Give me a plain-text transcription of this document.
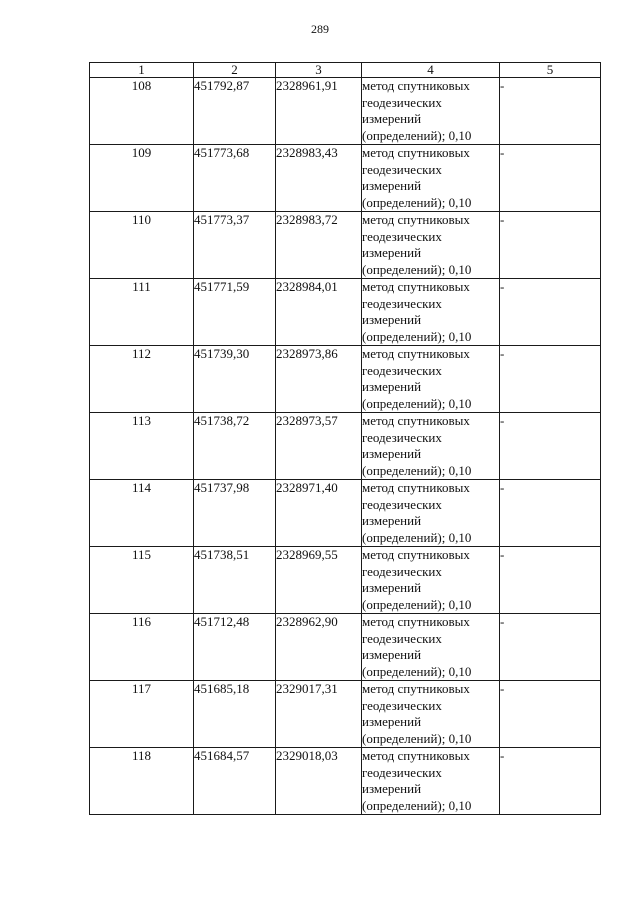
289
1	2	3	4	5
108	451792,87	2328961,91	метод спутниковых
геодезических
измерений
(определений); 0,10	-
109	451773,68	2328983,43	метод спутниковых
геодезических
измерений
(определений); 0,10	-
110	451773,37	2328983,72	метод спутниковых
геодезических
измерений
(определений); 0,10	-
111	451771,59	2328984,01	метод спутниковых
геодезических
измерений
(определений); 0,10	-
112	451739,30	2328973,86	метод спутниковых
геодезических
измерений
(определений); 0,10	-
113	451738,72	2328973,57	метод спутниковых
геодезических
измерений
(определений); 0,10	-
114	451737,98	2328971,40	метод спутниковых
геодезических
измерений
(определений); 0,10	-
115	451738,51	2328969,55	метод спутниковых
геодезических
измерений
(определений); 0,10	-
116	451712,48	2328962,90	метод спутниковых
геодезических
измерений
(определений); 0,10	-
117	451685,18	2329017,31	метод спутниковых
геодезических
измерений
(определений); 0,10	-
118	451684,57	2329018,03	метод спутниковых
геодезических
измерений
(определений); 0,10	-
